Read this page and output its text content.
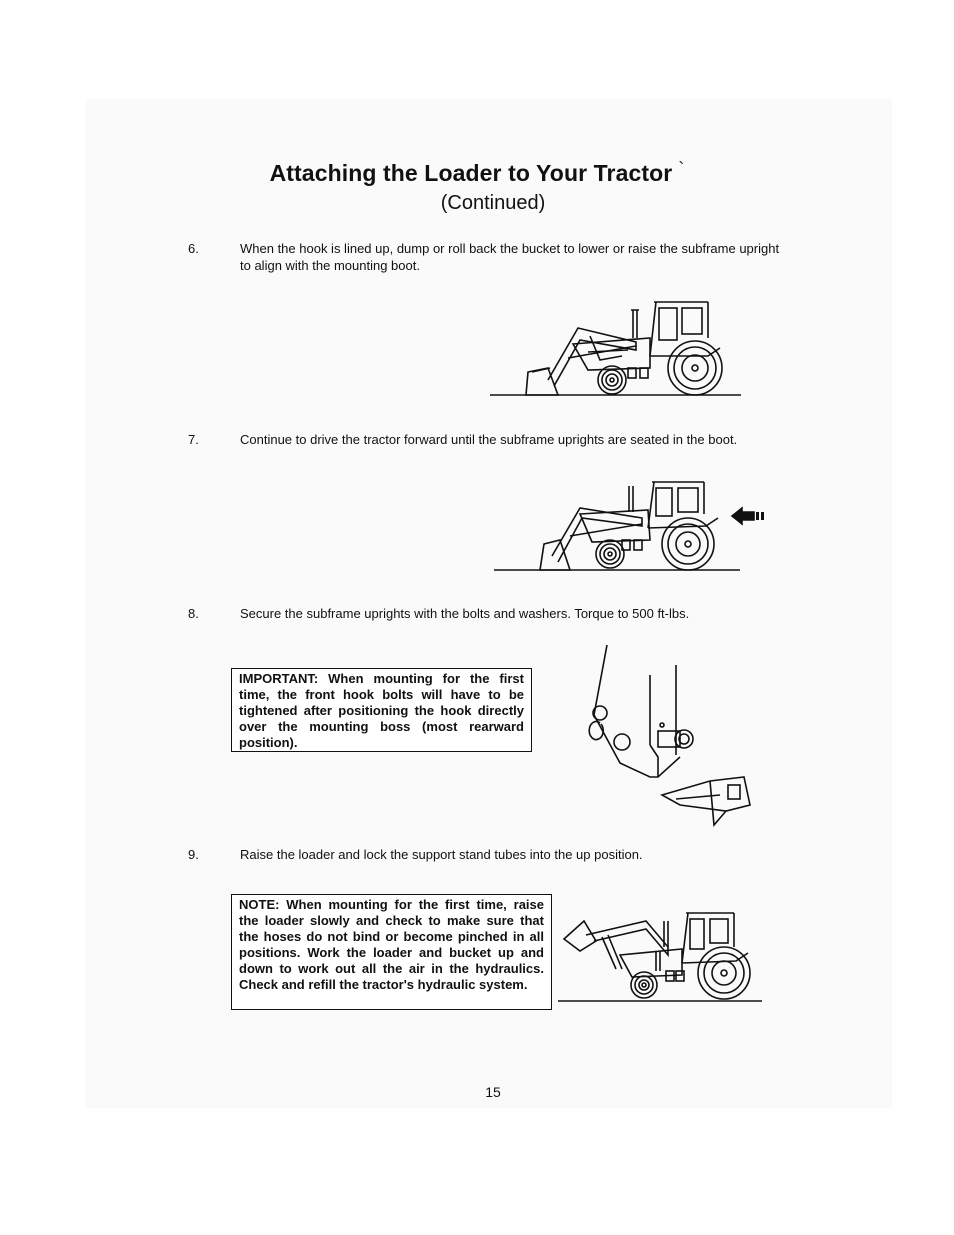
Attaching the Loader to Your Tractor `
(Continued)
6.	When the hook is lined up, dump or roll back the bucket to lower or raise the subframe upright to align with the mounting boot.
7.	Continue to drive the tractor forward until the subframe uprights are seated in the boot.
8.	Secure the subframe uprights with the bolts and washers. Torque to 500 ft-lbs.
IMPORTANT: When mounting for the first time, the front hook bolts will have to be tightened after positioning the hook directly over the mounting boss (most rearward position).
9.	Raise the loader and lock the support stand tubes into the up position.
NOTE: When mounting for the first time, raise the loader slowly and check to make sure that the hoses do not bind or become pinched in all positions. Work the loader and bucket up and down to work out all the air in the hydraulics. Check and refill the tractor's hydraulic system.
15
